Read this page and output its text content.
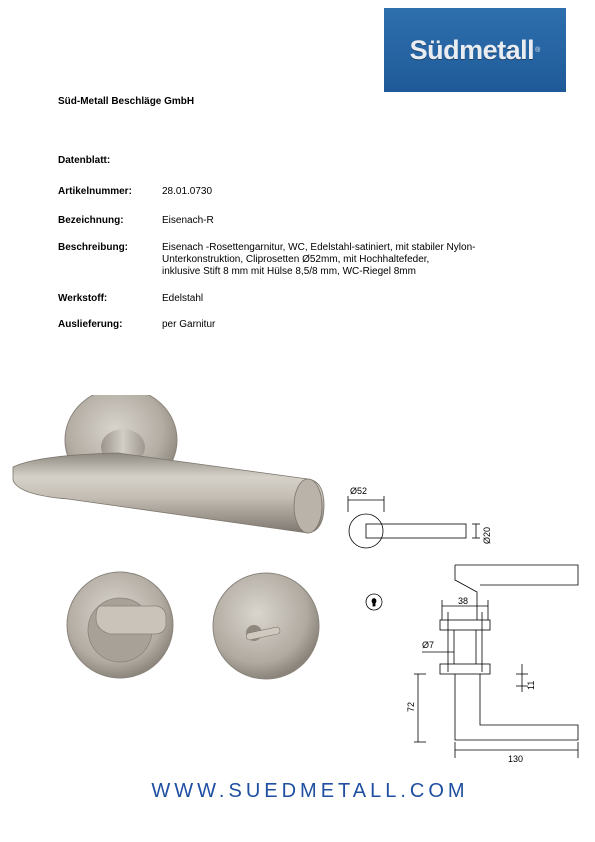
Südmetall ®
Süd-Metall Beschläge GmbH
Datenblatt:
Artikelnummer:	28.01.0730
Bezeichnung:	Eisenach-R
Beschreibung:	Eisenach -Rosettengarnitur, WC, Edelstahl-satiniert, mit stabiler Nylon-
Unterkonstruktion, Cliprosetten Ø52mm, mit Hochhaltefeder,
inklusive Stift 8 mm mit Hülse 8,5/8 mm, WC-Riegel 8mm
Werkstoff:	Edelstahl
Auslieferung:	per Garnitur
Ø52
Ø20
38
Ø7
11
72
130
WWW.SUEDMETALL.COM
